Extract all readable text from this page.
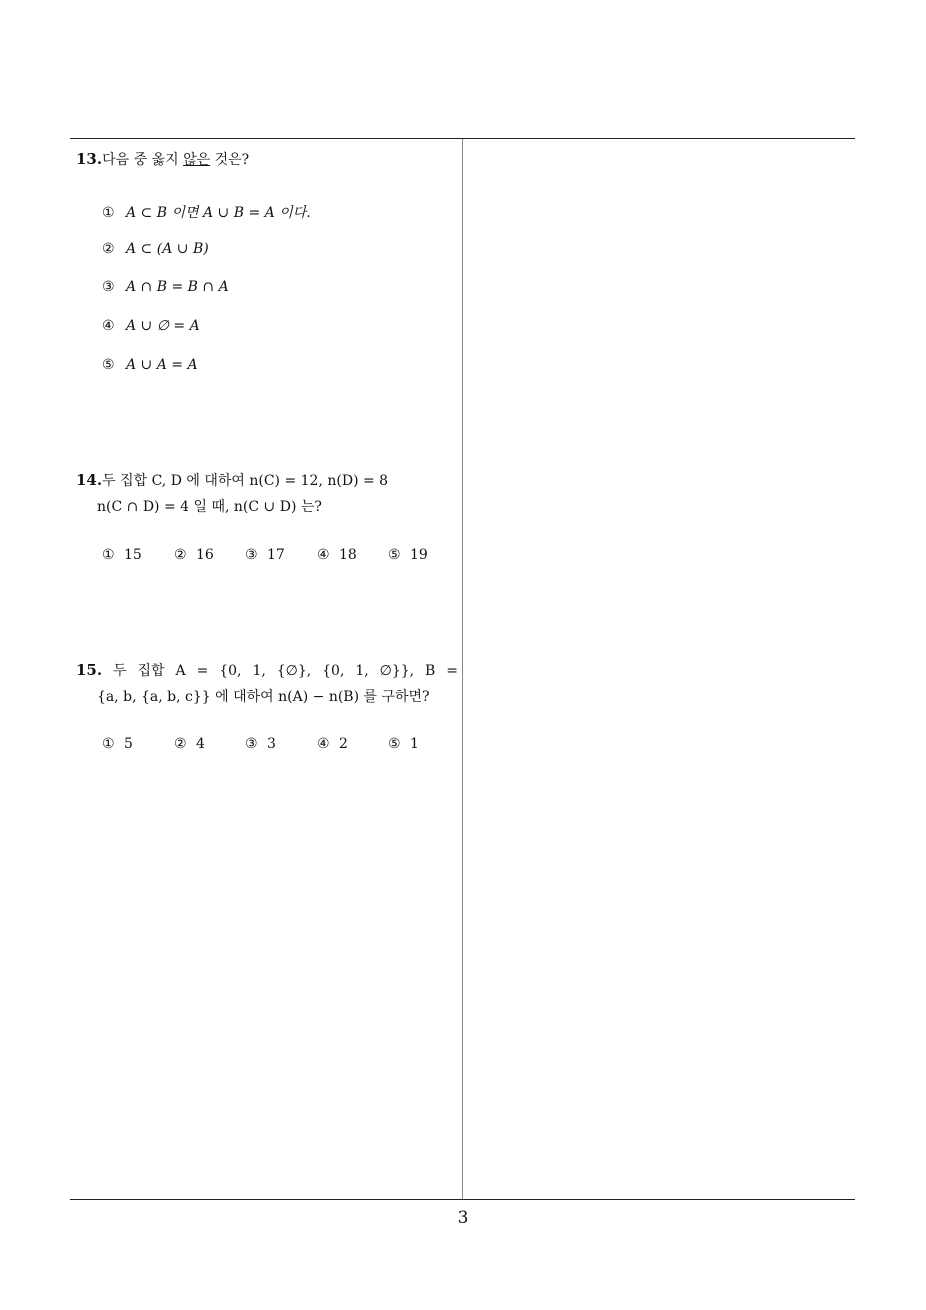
13.다음 중 옳지 않은 것은?
① A ⊂ B 이면 A ∪ B = A 이다.
② A ⊂ (A ∪ B)
③ A ∩ B = B ∩ A
④ A ∪ ∅ = A
⑤ A ∪ A = A
14.두 집합 C, D 에 대하여 n(C) = 12, n(D) = 8
n(C ∩ D) = 4 일 때, n(C ∪ D) 는?
① 15 ② 16 ③ 17 ④ 18 ⑤ 19
15. 두 집합 A = {0, 1, {∅}, {0, 1, ∅}}, B =
{a, b, {a, b, c}} 에 대하여 n(A) − n(B) 를 구하면?
① 5	② 4	③ 3	④ 2	⑤ 1
3
